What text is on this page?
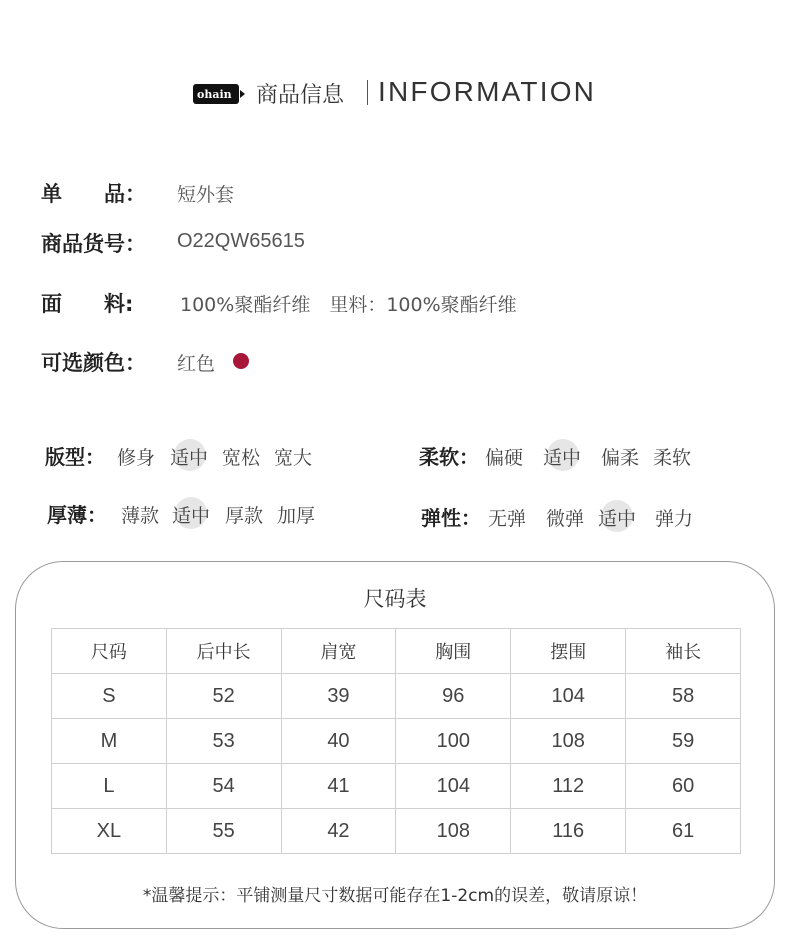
ohain 商品信息 INFORMATION
单　　品： 短外套
商品货号： O22QW65615
面　　料: 100%聚酯纤维　里料：100%聚酯纤维
可选颜色： 红色
版型： 修身 适中 宽松 宽大	柔软： 偏硬 适中 偏柔 柔软
厚薄： 薄款 适中 厚款 加厚	弹性： 无弹 微弹 适中 弹力
尺码表
尺码	后中长	肩宽	胸围	摆围	袖长
S	52	39	96	104	58
M	53	40	100	108	59
L	54	41	104	112	60
XL	55	42	108	116	61
*温馨提示：平铺测量尺寸数据可能存在1-2cm的误差，敬请原谅！
